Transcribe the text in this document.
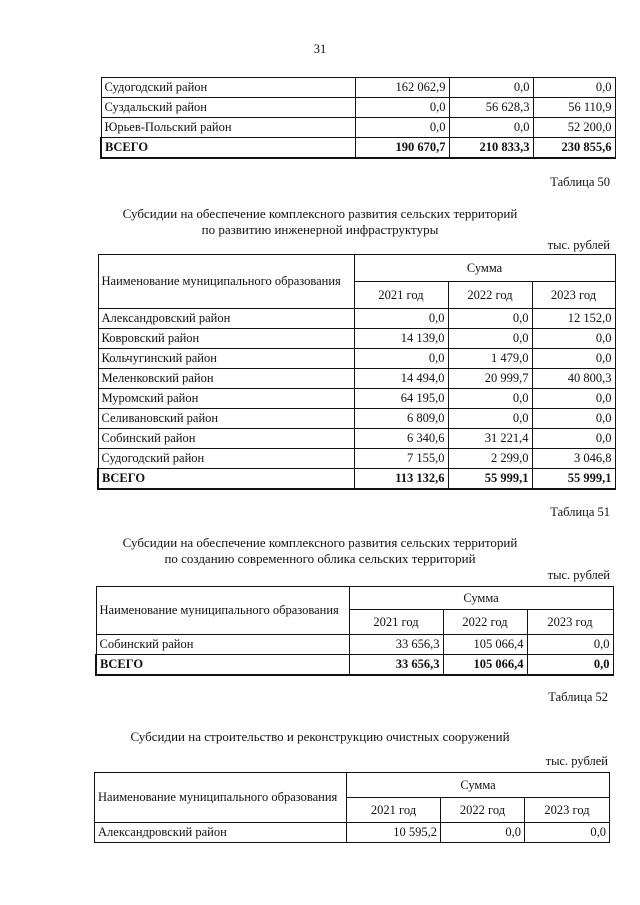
31
Судогодский район	162 062,9	0,0	0,0
Суздальский район	0,0	56 628,3	56 110,9
Юрьев-Польский район	0,0	0,0	52 200,0
ВСЕГО	190 670,7	210 833,3	230 855,6
Таблица 50
Субсидии на обеспечение комплексного развития сельских территорий
по развитию инженерной инфраструктуры
тыс. рублей
Наименование муниципального образования	Сумма		
	2021 год	2022 год	2023 год
Александровский район	0,0	0,0	12 152,0
Ковровский район	14 139,0	0,0	0,0
Кольчугинский район	0,0	1 479,0	0,0
Меленковский район	14 494,0	20 999,7	40 800,3
Муромский район	64 195,0	0,0	0,0
Селивановский район	6 809,0	0,0	0,0
Собинский район	6 340,6	31 221,4	0,0
Судогодский район	7 155,0	2 299,0	3 046,8
ВСЕГО	113 132,6	55 999,1	55 999,1
Таблица 51
Субсидии на обеспечение комплексного развития сельских территорий
по созданию современного облика сельских территорий
тыс. рублей
Наименование муниципального образования	Сумма		
	2021 год	2022 год	2023 год
Собинский район	33 656,3	105 066,4	0,0
ВСЕГО	33 656,3	105 066,4	0,0
Таблица 52
Субсидии на строительство и реконструкцию очистных сооружений
тыс. рублей
Наименование муниципального образования	Сумма		
	2021 год	2022 год	2023 год
Александровский район	10 595,2	0,0	0,0
